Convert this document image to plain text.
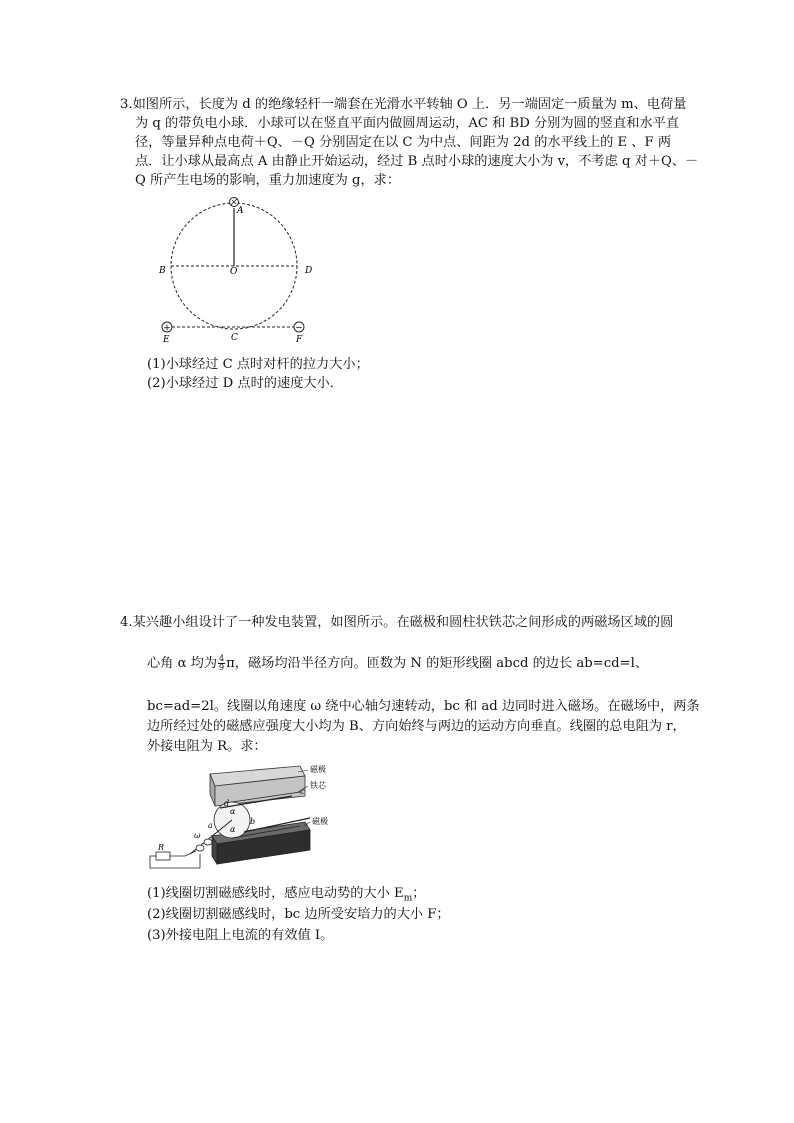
3.如图所示，长度为 d 的绝缘轻杆一端套在光滑水平转轴 O 上．另一端固定一质量为 m、电荷量
为 q 的带负电小球．小球可以在竖直平面内做圆周运动，AC 和 BD 分别为圆的竖直和水平直
径，等量异种点电荷＋Q、－Q 分别固定在以 C 为中点、间距为 2d 的水平线上的 E 、F 两
点．让小球从最高点 A 由静止开始运动，经过 B 点时小球的速度大小为 v，不考虑 q 对＋Q、－
Q 所产生电场的影响，重力加速度为 g，求：
+	−
A
B	O	D
C
E	F
(1)小球经过 C 点时对杆的拉力大小；
(2)小球经过 D 点时的速度大小．
4.某兴趣小组设计了一种发电装置，如图所示。在磁极和圆柱状铁芯之间形成的两磁场区域的圆
心角 α 均为 $\frac{4}{9}$ π，磁场均沿半径方向。匝数为 N 的矩形线圈 abcd 的边长 ab=cd=l、
bc=ad=2l。线圈以角速度 ω 绕中心轴匀速转动，bc 和 ad 边同时进入磁场。在磁场中，两条
边所经过处的磁感应强度大小均为 B、方向始终与两边的运动方向垂直。线圈的总电阻为 r，
外接电阻为 R。求：
磁极
铁芯
磁极
R
ω
a	b
c
d
α
α
(1)线圈切割磁感线时，感应电动势的大小 $E_m$；
(2)线圈切割磁感线时，bc 边所受安培力的大小 F；
(3)外接电阻上电流的有效值 I。
